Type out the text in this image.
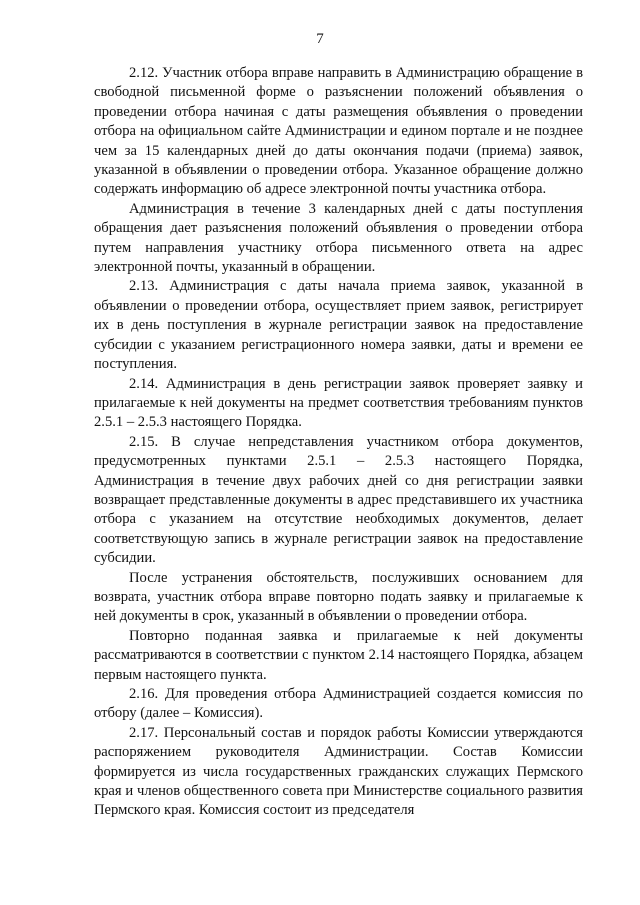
7

2.12. Участник отбора вправе направить в Администрацию обращение в свободной письменной форме о разъяснении положений объявления о проведении отбора начиная с даты размещения объявления о проведении отбора на официальном сайте Администрации и едином портале и не позднее чем за 15 календарных дней до даты окончания подачи (приема) заявок, указанной в объявлении о проведении отбора. Указанное обращение должно содержать информацию об адресе электронной почты участника отбора.

Администрация в течение 3 календарных дней с даты поступления обращения дает разъяснения положений объявления о проведении отбора путем направления участнику отбора письменного ответа на адрес электронной почты, указанный в обращении.

2.13. Администрация с даты начала приема заявок, указанной в объявлении о проведении отбора, осуществляет прием заявок, регистрирует их в день поступления в журнале регистрации заявок на предоставление субсидии с указанием регистрационного номера заявки, даты и времени ее поступления.

2.14. Администрация в день регистрации заявок проверяет заявку и прилагаемые к ней документы на предмет соответствия требованиям пунктов 2.5.1 – 2.5.3 настоящего Порядка.

2.15. В случае непредставления участником отбора документов, предусмотренных пунктами 2.5.1 – 2.5.3 настоящего Порядка, Администрация в течение двух рабочих дней со дня регистрации заявки возвращает представленные документы в адрес представившего их участника отбора с указанием на отсутствие необходимых документов, делает соответствующую запись в журнале регистрации заявок на предоставление субсидии.

После устранения обстоятельств, послуживших основанием для возврата, участник отбора вправе повторно подать заявку и прилагаемые к ней документы в срок, указанный в объявлении о проведении отбора.

Повторно поданная заявка и прилагаемые к ней документы рассматриваются в соответствии с пунктом 2.14 настоящего Порядка, абзацем первым настоящего пункта.

2.16. Для проведения отбора Администрацией создается комиссия по отбору (далее – Комиссия).

2.17. Персональный состав и порядок работы Комиссии утверждаются распоряжением руководителя Администрации. Состав Комиссии формируется из числа государственных гражданских служащих Пермского края и членов общественного совета при Министерстве социального развития Пермского края. Комиссия состоит из председателя
